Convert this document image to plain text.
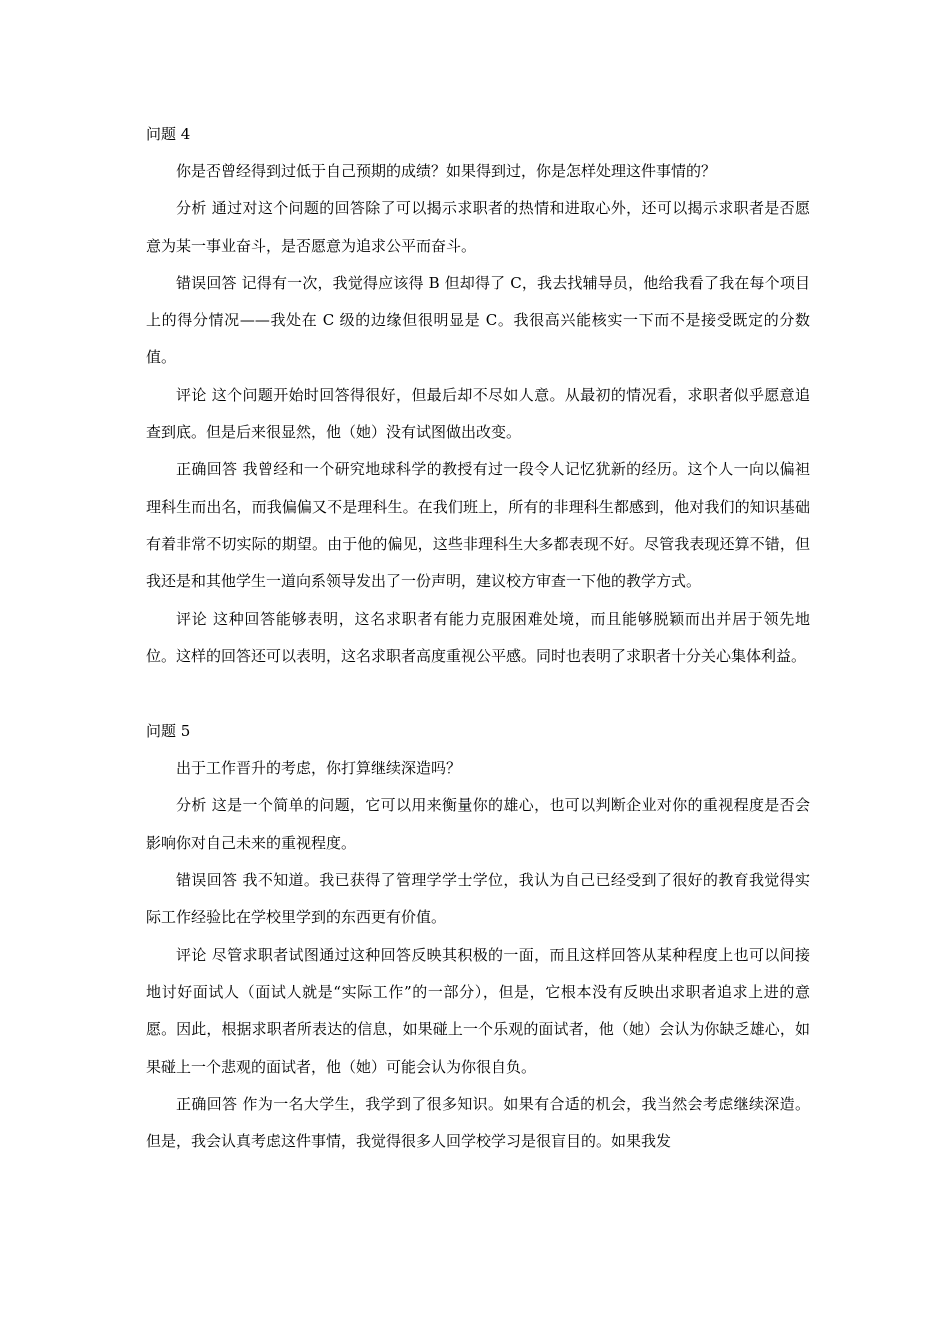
问题 4

你是否曾经得到过低于自己预期的成绩？如果得到过，你是怎样处理这件事情的？

分析 通过对这个问题的回答除了可以揭示求职者的热情和进取心外，还可以揭示求职者是否愿意为某一事业奋斗，是否愿意为追求公平而奋斗。

错误回答 记得有一次，我觉得应该得 B 但却得了 C，我去找辅导员，他给我看了我在每个项目上的得分情况——我处在 C 级的边缘但很明显是 C。我很高兴能核实一下而不是接受既定的分数值。

评论 这个问题开始时回答得很好，但最后却不尽如人意。从最初的情况看，求职者似乎愿意追查到底。但是后来很显然，他（她）没有试图做出改变。

正确回答 我曾经和一个研究地球科学的教授有过一段令人记忆犹新的经历。这个人一向以偏袒理科生而出名，而我偏偏又不是理科生。在我们班上，所有的非理科生都感到，他对我们的知识基础有着非常不切实际的期望。由于他的偏见，这些非理科生大多都表现不好。尽管我表现还算不错，但我还是和其他学生一道向系领导发出了一份声明，建议校方审查一下他的教学方式。

评论 这种回答能够表明，这名求职者有能力克服困难处境，而且能够脱颖而出并居于领先地位。这样的回答还可以表明，这名求职者高度重视公平感。同时也表明了求职者十分关心集体利益。

问题 5

出于工作晋升的考虑，你打算继续深造吗？

分析 这是一个简单的问题，它可以用来衡量你的雄心，也可以判断企业对你的重视程度是否会影响你对自己未来的重视程度。

错误回答 我不知道。我已获得了管理学学士学位，我认为自己已经受到了很好的教育我觉得实际工作经验比在学校里学到的东西更有价值。

评论 尽管求职者试图通过这种回答反映其积极的一面，而且这样回答从某种程度上也可以间接地讨好面试人（面试人就是“实际工作”的一部分），但是，它根本没有反映出求职者追求上进的意愿。因此，根据求职者所表达的信息，如果碰上一个乐观的面试者，他（她）会认为你缺乏雄心，如果碰上一个悲观的面试者，他（她）可能会认为你很自负。

正确回答 作为一名大学生，我学到了很多知识。如果有合适的机会，我当然会考虑继续深造。但是，我会认真考虑这件事情，我觉得很多人回学校学习是很盲目的。如果我发
